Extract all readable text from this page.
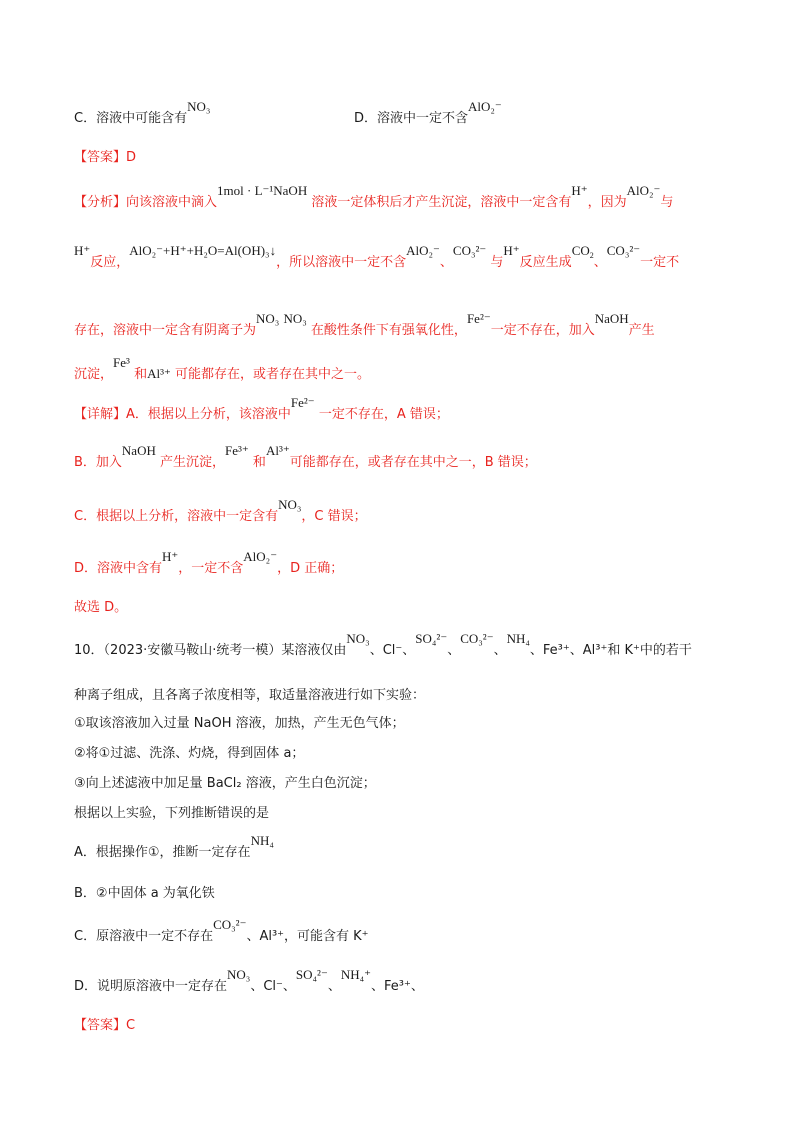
C．溶液中可能含有NO₃
D．溶液中一定不含AlO₂⁻
【答案】D
【分析】向该溶液中滴入1mol · L⁻¹NaOH 溶液一定体积后才产生沉淀，溶液中一定含有H⁺，因为AlO₂⁻与
H⁺反应，AlO₂⁻+H⁺+H₂O=Al(OH)₃↓，所以溶液中一定不含AlO₂⁻、CO₃²⁻ 与H⁺反应生成$CO_2$、CO₃²⁻一定不
存在，溶液中一定含有阴离子为NO₃ NO₃ 在酸性条件下有强氧化性，Fe²⁻一定不存在，加入NaOH产生
沉淀，Fe³ 和Al³⁺ 可能都存在，或者存在其中之一。
【详解】A．根据以上分析，该溶液中Fe²⁻ 一定不存在，A 错误；
B．加入NaOH 产生沉淀，Fe³⁺ 和Al³⁺可能都存在，或者存在其中之一，B 错误；
C．根据以上分析，溶液中一定含有NO₃，C 错误；
D．溶液中含有H⁺，一定不含AlO₂⁻，D 正确；
故选 D。
10．（2023·安徽马鞍山·统考一模）某溶液仅由NO₃、Cl⁻、SO₄²⁻、CO₃²⁻、NH₄、Fe³⁺、Al³⁺和 K⁺中的若干
种离子组成，且各离子浓度相等，取适量溶液进行如下实验：
①取该溶液加入过量 NaOH 溶液，加热，产生无色气体；
②将①过滤、洗涤、灼烧，得到固体 a；
③向上述滤液中加足量 BaCl₂ 溶液，产生白色沉淀；
根据以上实验，下列推断错误的是
A．根据操作①，推断一定存在NH₄
B．②中固体 a 为氧化铁
C．原溶液中一定不存在CO₃²⁻、Al³⁺，可能含有 K⁺
D．说明原溶液中一定存在NO₃、Cl⁻、SO₄²⁻、NH₄⁺、Fe³⁺、
【答案】C
